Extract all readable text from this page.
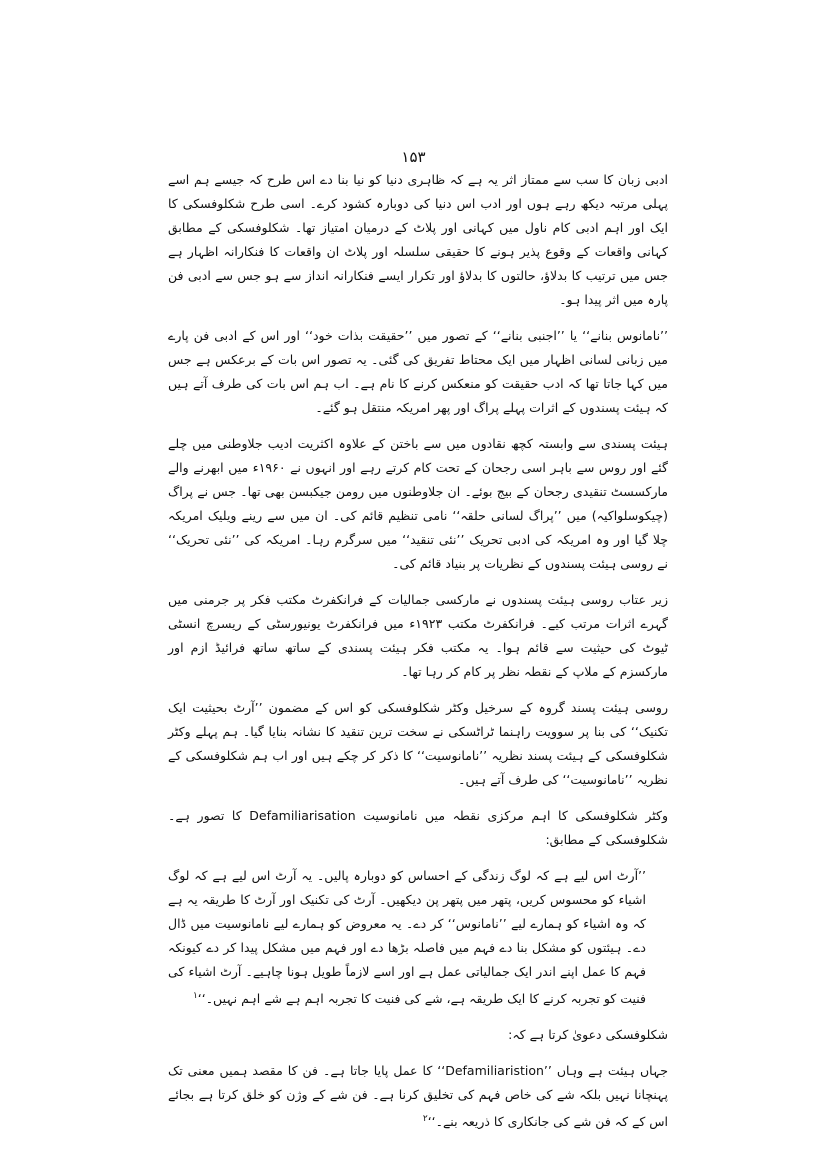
۱۵۳

ادبی زبان کا سب سے ممتاز اثر یہ ہے کہ ظاہری دنیا کو نیا بنا دے اس طرح کہ جیسے ہم اسے پہلی مرتبہ دیکھ رہے ہوں اور ادب اس دنیا کی دوبارہ کشود کرے۔ اسی طرح شکلوفسکی کا ایک اور اہم ادبی کام ناول میں کہانی اور پلاٹ کے درمیان امتیاز تھا۔ شکلوفسکی کے مطابق کہانی واقعات کے وقوع پذیر ہونے کا حقیقی سلسلہ اور پلاٹ ان واقعات کا فنکارانہ اظہار ہے جس میں ترتیب کا بدلاؤ، حالتوں کا بدلاؤ اور تکرار ایسے فنکارانہ انداز سے ہو جس سے ادبی فن پارہ میں اثر پیدا ہو۔

’’نامانوس بنانے‘‘ یا ’’اجنبی بنانے‘‘ کے تصور میں ’’حقیقت بذات خود‘‘ اور اس کے ادبی فن پارے میں زبانی لسانی اظہار میں ایک محتاط تفریق کی گئی۔ یہ تصور اس بات کے برعکس ہے جس میں کہا جاتا تھا کہ ادب حقیقت کو منعکس کرنے کا نام ہے۔ اب ہم اس بات کی طرف آتے ہیں کہ ہیئت پسندوں کے اثرات پہلے پراگ اور پھر امریکہ منتقل ہو گئے۔

ہیئت پسندی سے وابستہ کچھ نقادوں میں سے باختن کے علاوہ اکثریت ادیب جلاوطنی میں چلے گئے اور روس سے باہر اسی رجحان کے تحت کام کرتے رہے اور انہوں نے ۱۹۶۰ء میں ابھرنے والے مارکسسٹ تنقیدی رجحان کے بیج بوئے۔ ان جلاوطنوں میں رومن جیکبسن بھی تھا۔ جس نے پراگ (چیکوسلواکیہ) میں ’’پراگ لسانی حلقہ‘‘ نامی تنظیم قائم کی۔ ان میں سے رینے ویلیک امریکہ چلا گیا اور وہ امریکہ کی ادبی تحریک ’’نئی تنقید‘‘ میں سرگرم رہا۔ امریکہ کی ’’نئی تحریک‘‘ نے روسی ہیئت پسندوں کے نظریات پر بنیاد قائم کی۔

زیر عتاب روسی ہیئت پسندوں نے مارکسی جمالیات کے فرانکفرٹ مکتب فکر پر جرمنی میں گہرے اثرات مرتب کیے۔ فرانکفرٹ مکتب ۱۹۲۳ء میں فرانکفرٹ یونیورسٹی کے ریسرچ انسٹی ٹیوٹ کی حیثیت سے قائم ہوا۔ یہ مکتب فکر ہیئت پسندی کے ساتھ ساتھ فرائیڈ ازم اور مارکسزم کے ملاپ کے نقطہ نظر پر کام کر رہا تھا۔

روسی ہیئت پسند گروہ کے سرخیل وکٹر شکلوفسکی کو اس کے مضمون ’’آرٹ بحیثیت ایک تکنیک‘‘ کی بنا پر سوویت راہنما ٹراٹسکی نے سخت ترین تنقید کا نشانہ بنایا گیا۔ ہم پہلے وکٹر شکلوفسکی کے ہیئت پسند نظریہ ’’نامانوسیت‘‘ کا ذکر کر چکے ہیں اور اب ہم شکلوفسکی کے نظریہ ’’نامانوسیت‘‘ کی طرف آتے ہیں۔

وکٹر شکلوفسکی کا اہم مرکزی نقطہ میں نامانوسیت Defamiliarisation کا تصور ہے۔ شکلوفسکی کے مطابق:

’’آرٹ اس لیے ہے کہ لوگ زندگی کے احساس کو دوبارہ پالیں۔ یہ آرٹ اس لیے ہے کہ لوگ اشیاء کو محسوس کریں، پتھر میں پتھر پن دیکھیں۔ آرٹ کی تکنیک اور آرٹ کا طریقہ یہ ہے کہ وہ اشیاء کو ہمارے لیے ’’نامانوس‘‘ کر دے۔ یہ معروض کو ہمارے لیے نامانوسیت میں ڈال دے۔ ہیئتوں کو مشکل بنا دے فہم میں فاصلہ بڑھا دے اور فہم میں مشکل پیدا کر دے کیونکہ فہم کا عمل اپنے اندر ایک جمالیاتی عمل ہے اور اسے لازماً طویل ہونا چاہیے۔ آرٹ اشیاء کی فنیت کو تجربہ کرنے کا ایک طریقہ ہے، شے کی فنیت کا تجربہ اہم ہے شے اہم نہیں۔‘‘$^۱$

شکلوفسکی دعویٰ کرتا ہے کہ:

جہاں ہیئت ہے وہاں ’’Defamiliaristion‘‘ کا عمل پایا جاتا ہے۔ فن کا مقصد ہمیں معنی تک پہنچانا نہیں بلکہ شے کی خاص فہم کی تخلیق کرنا ہے۔ فن شے کے وژن کو خلق کرتا ہے بجائے اس کے کہ فن شے کی جانکاری کا ذریعہ بنے۔‘‘$^۲$
